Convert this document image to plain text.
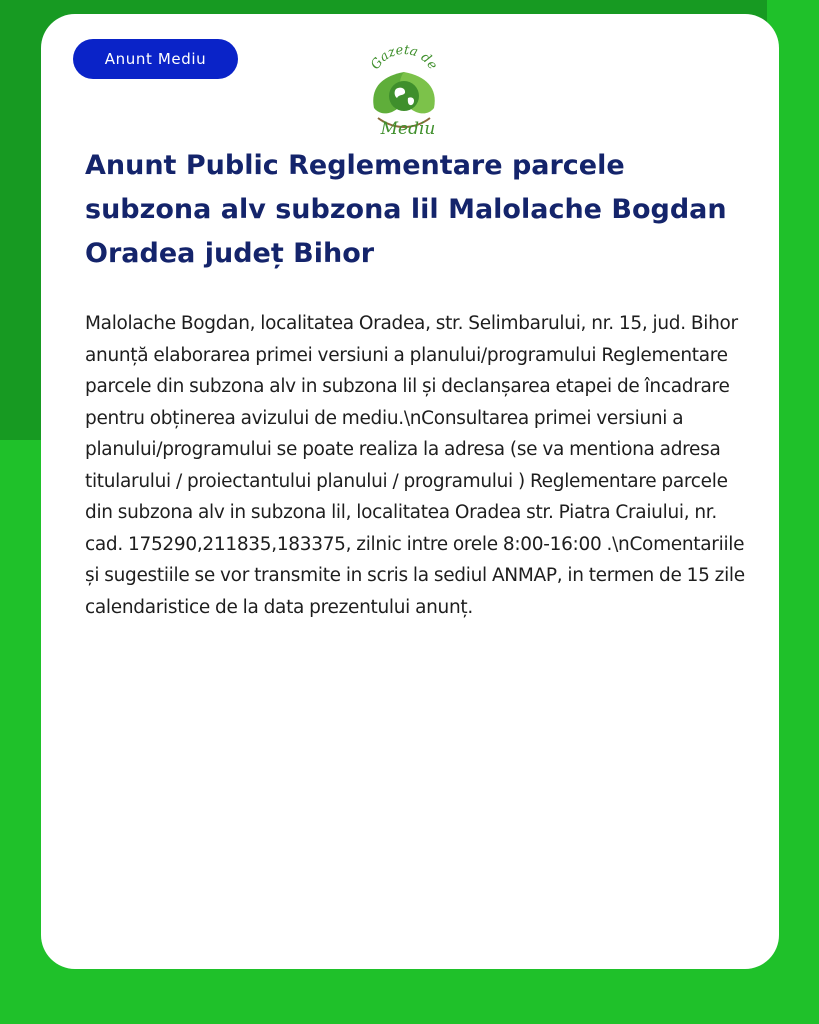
Anunt Mediu	Gazeta de
Mediu
Anunt Public Reglementare parcele subzona alv subzona lil Malolache Bogdan Oradea județ Bihor

Malolache Bogdan, localitatea Oradea, str. Selimbarului, nr. 15, jud. Bihor anunță elaborarea primei versiuni a planului/programului Reglementare parcele din subzona alv in subzona lil și declanșarea etapei de încadrare pentru obținerea avizului de mediu.\nConsultarea primei versiuni a planului/programului se poate realiza la adresa (se va mentiona adresa titularului / proiectantului planului / programului ) Reglementare parcele din subzona alv in subzona lil, localitatea Oradea str. Piatra Craiului, nr. cad. 175290,211835,183375, zilnic intre orele 8:00-16:00 .\nComentariile și sugestiile se vor transmite in scris la sediul ANMAP, in termen de 15 zile calendaristice de la data prezentului anunț.
